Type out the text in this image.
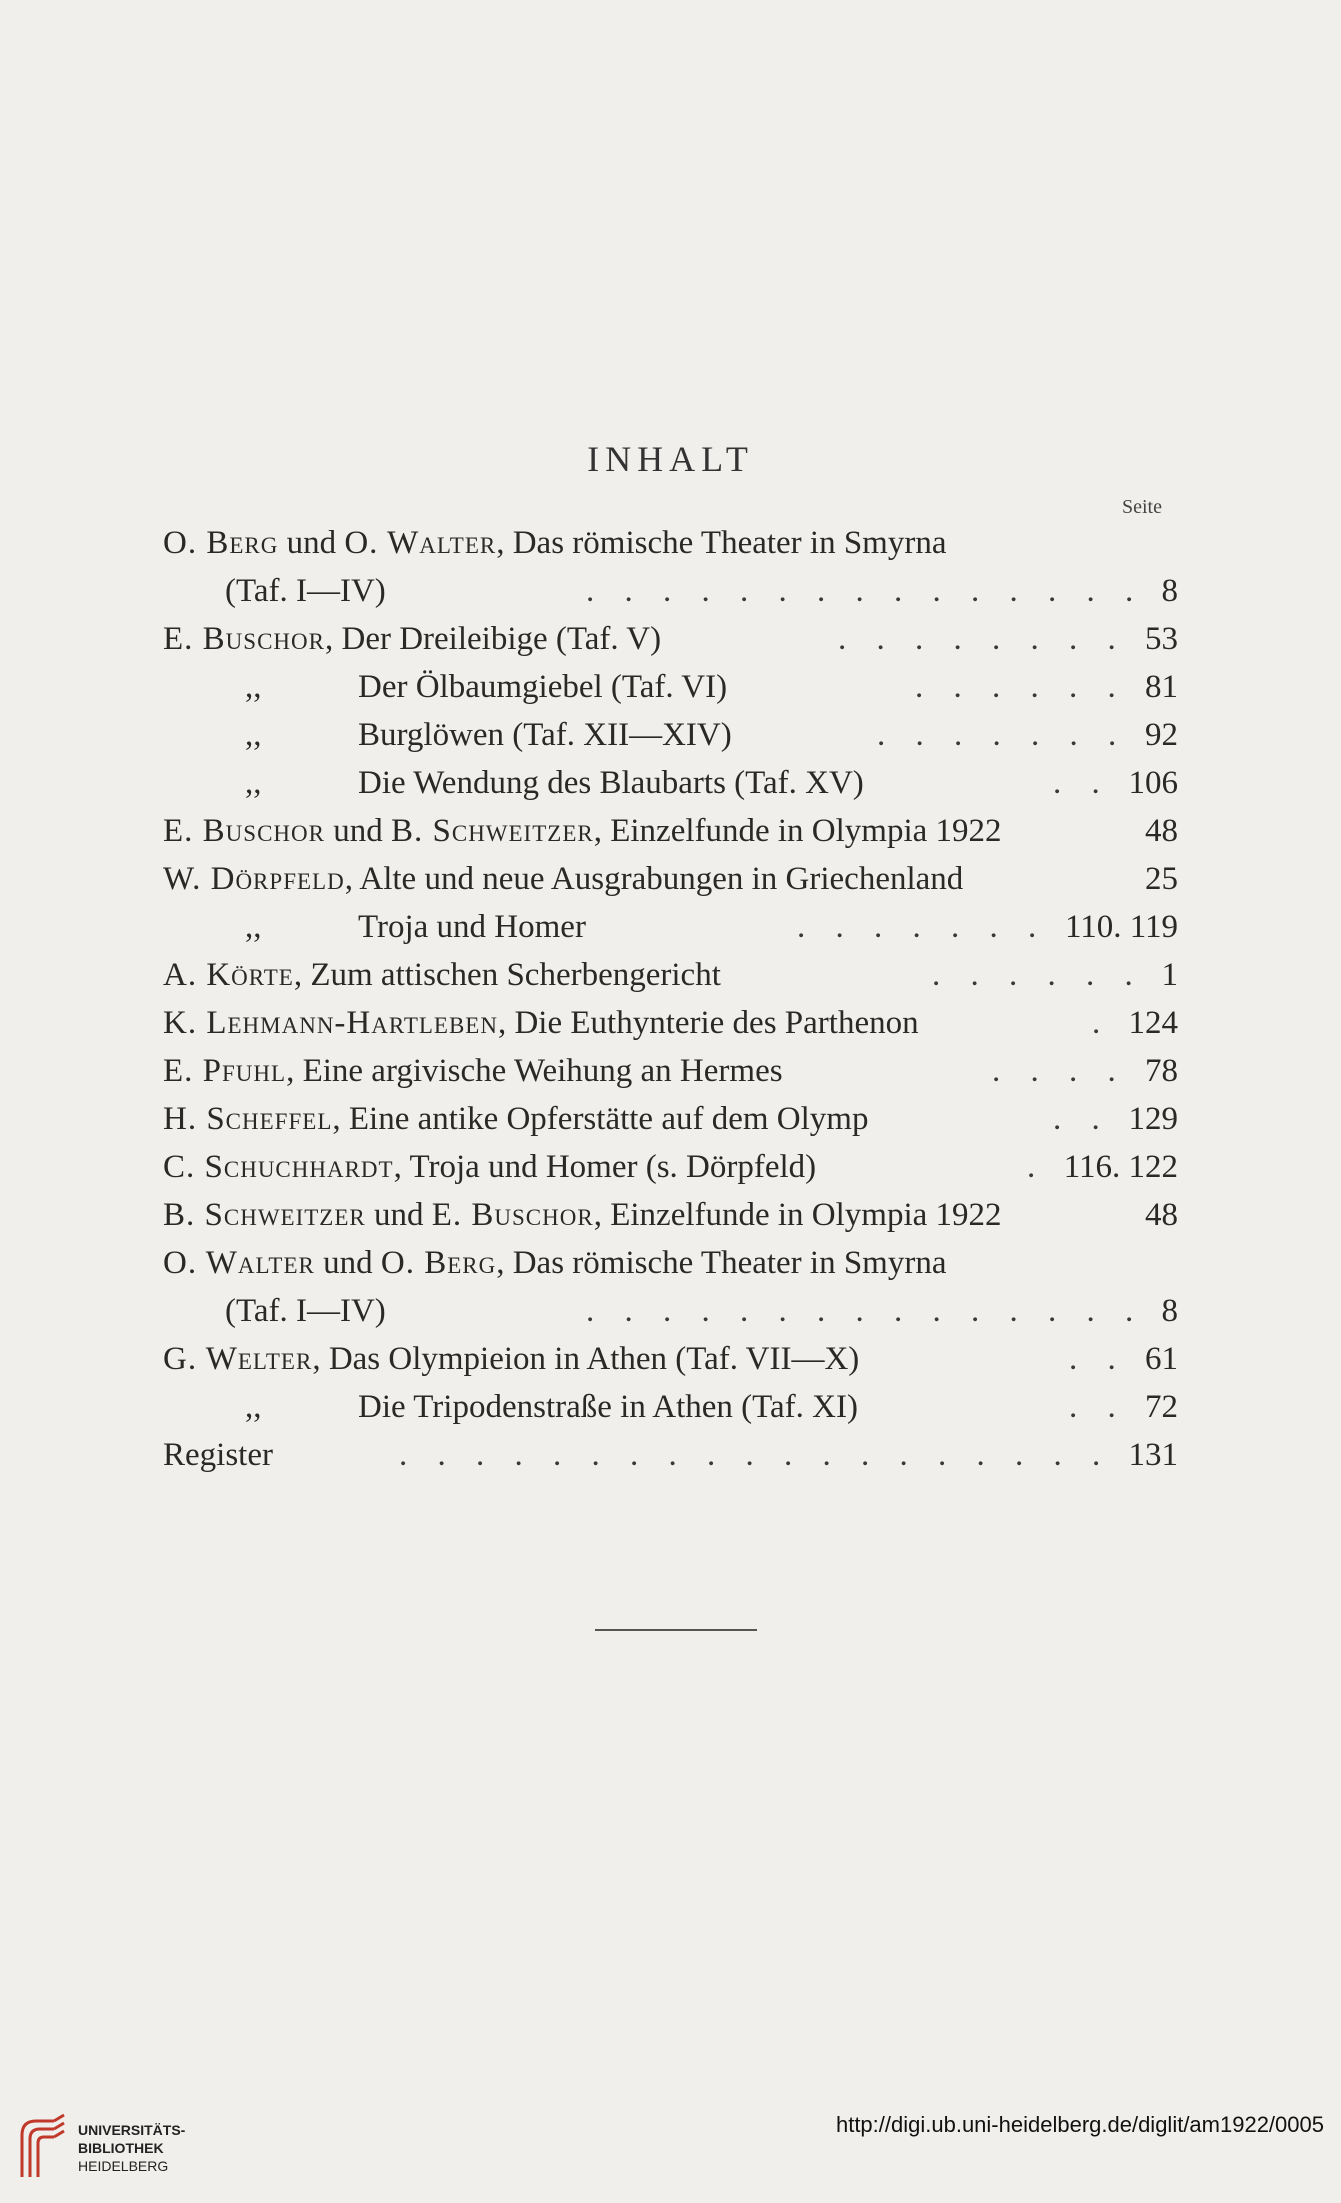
INHALT
Seite
O. Berg und O. Walter, Das römische Theater in Smyrna
(Taf. I—IV)	8
. . . . . . . . . . . . . . .
E. Buschor, Der Dreileibige (Taf. V)	53
. . . . . . . .
,,	Der Ölbaumgiebel (Taf. VI)	81
. . . . . .
,,	Burglöwen (Taf. XII—XIV)	92
. . . . . . .
,,	Die Wendung des Blaubarts (Taf. XV)	106
. .
E. Buschor und B. Schweitzer, Einzelfunde in Olympia 1922	48
W. Dörpfeld, Alte und neue Ausgrabungen in Griechenland	25
,,	Troja und Homer	110. 119
. . . . . . .
A. Körte, Zum attischen Scherbengericht	1
. . . . . .
K. Lehmann-Hartleben, Die Euthynterie des Parthenon	124
.
E. Pfuhl, Eine argivische Weihung an Hermes	78
. . . .
H. Scheffel, Eine antike Opferstätte auf dem Olymp	129
. .
C. Schuchhardt, Troja und Homer (s. Dörpfeld)	116. 122
.
B. Schweitzer und E. Buschor, Einzelfunde in Olympia 1922	48
O. Walter und O. Berg, Das römische Theater in Smyrna
(Taf. I—IV)	8
. . . . . . . . . . . . . . .
G. Welter, Das Olympieion in Athen (Taf. VII—X)	61
. .
,,	Die Tripodenstraße in Athen (Taf. XI)	72
. .
Register	131
. . . . . . . . . . . . . . . . . . .
UNIVERSITÄTS-
BIBLIOTHEK
HEIDELBERG
http://digi.ub.uni-heidelberg.de/diglit/am1922/0005
